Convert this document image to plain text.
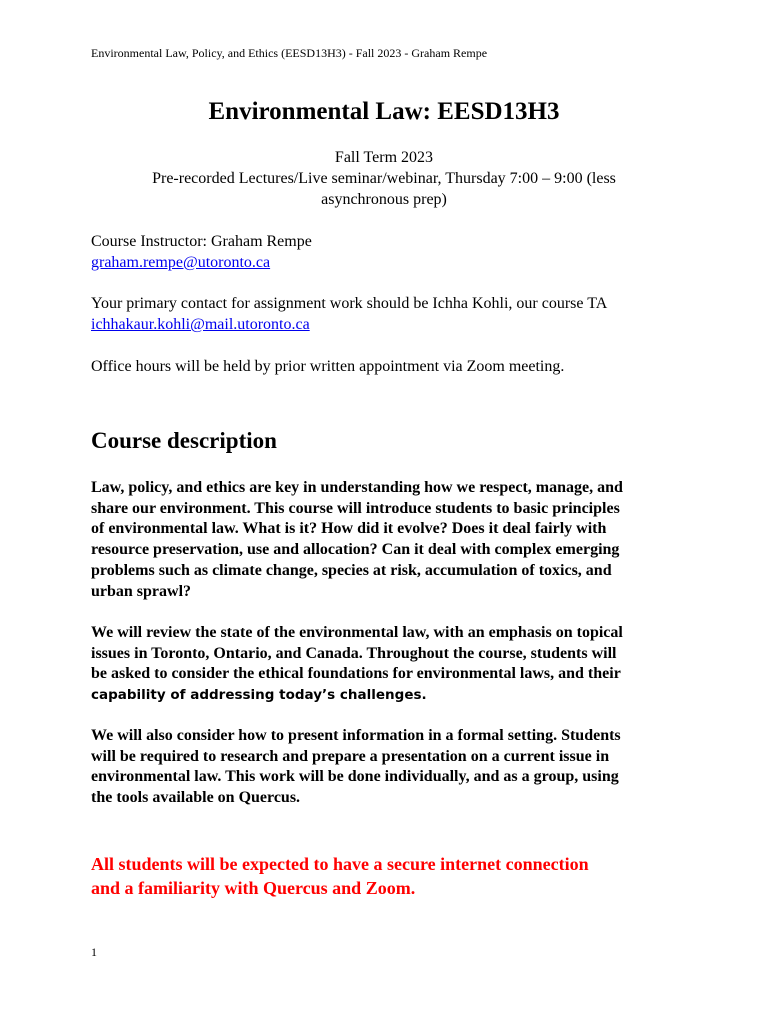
Environmental Law, Policy, and Ethics (EESD13H3) - Fall 2023 - Graham Rempe
Environmental Law: EESD13H3
Fall Term 2023
Pre-recorded Lectures/Live seminar/webinar, Thursday 7:00 – 9:00 (less
asynchronous prep)
Course Instructor: Graham Rempe
graham.rempe@utoronto.ca
Your primary contact for assignment work should be Ichha Kohli, our course TA
ichhakaur.kohli@mail.utoronto.ca
Office hours will be held by prior written appointment via Zoom meeting.
Course description
Law, policy, and ethics are key in understanding how we respect, manage, and
share our environment. This course will introduce students to basic principles
of environmental law. What is it? How did it evolve? Does it deal fairly with
resource preservation, use and allocation? Can it deal with complex emerging
problems such as climate change, species at risk, accumulation of toxics, and
urban sprawl?
We will review the state of the environmental law, with an emphasis on topical
issues in Toronto, Ontario, and Canada. Throughout the course, students will
be asked to consider the ethical foundations for environmental laws, and their
capability of addressing today’s challenges.
We will also consider how to present information in a formal setting. Students
will be required to research and prepare a presentation on a current issue in
environmental law. This work will be done individually, and as a group, using
the tools available on Quercus.
All students will be expected to have a secure internet connection
and a familiarity with Quercus and Zoom.
1
